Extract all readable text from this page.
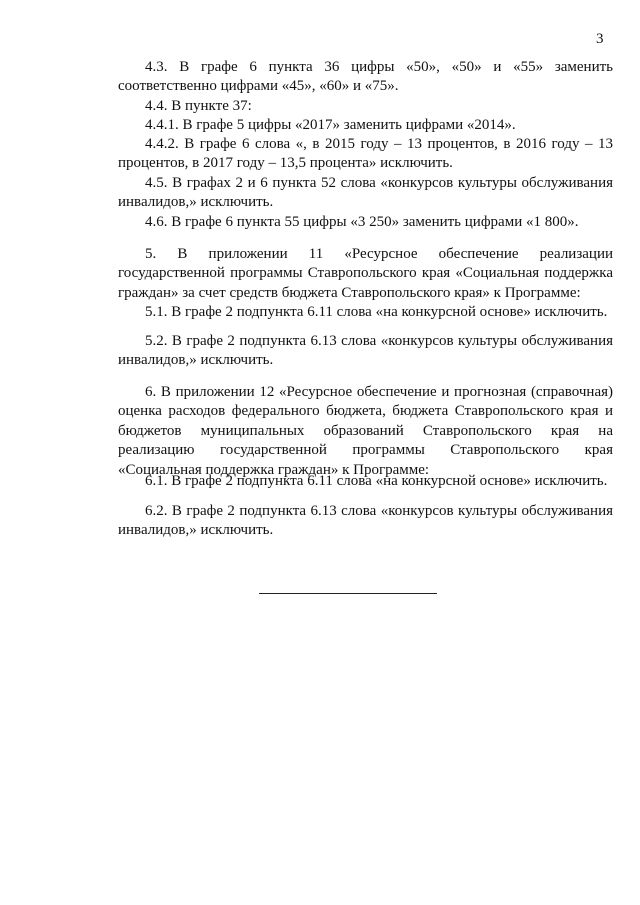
3

4.3. В графе 6 пункта 36 цифры «50», «50» и «55» заменить соответственно цифрами «45», «60» и «75».

4.4. В пункте 37:

4.4.1. В графе 5 цифры «2017» заменить цифрами «2014».

4.4.2. В графе 6 слова «, в 2015 году – 13 процентов, в 2016 году – 13 процентов, в 2017 году – 13,5 процента» исключить.

4.5. В графах 2 и 6 пункта 52 слова «конкурсов культуры обслуживания инвалидов,» исключить.

4.6. В графе 6 пункта 55 цифры «3 250» заменить цифрами «1 800».

5. В приложении 11 «Ресурсное обеспечение реализации государственной программы Ставропольского края «Социальная поддержка граждан» за счет средств бюджета Ставропольского края» к Программе:

5.1. В графе 2 подпункта 6.11 слова «на конкурсной основе» исключить.

5.2. В графе 2 подпункта 6.13 слова «конкурсов культуры обслуживания инвалидов,» исключить.

6. В приложении 12 «Ресурсное обеспечение и прогнозная (справочная) оценка расходов федерального бюджета, бюджета Ставропольского края и бюджетов муниципальных образований Ставропольского края на реализацию государственной программы Ставропольского края «Социальная поддержка граждан» к Программе:

6.1. В графе 2 подпункта 6.11 слова «на конкурсной основе» исключить.

6.2. В графе 2 подпункта 6.13 слова «конкурсов культуры обслуживания инвалидов,» исключить.
